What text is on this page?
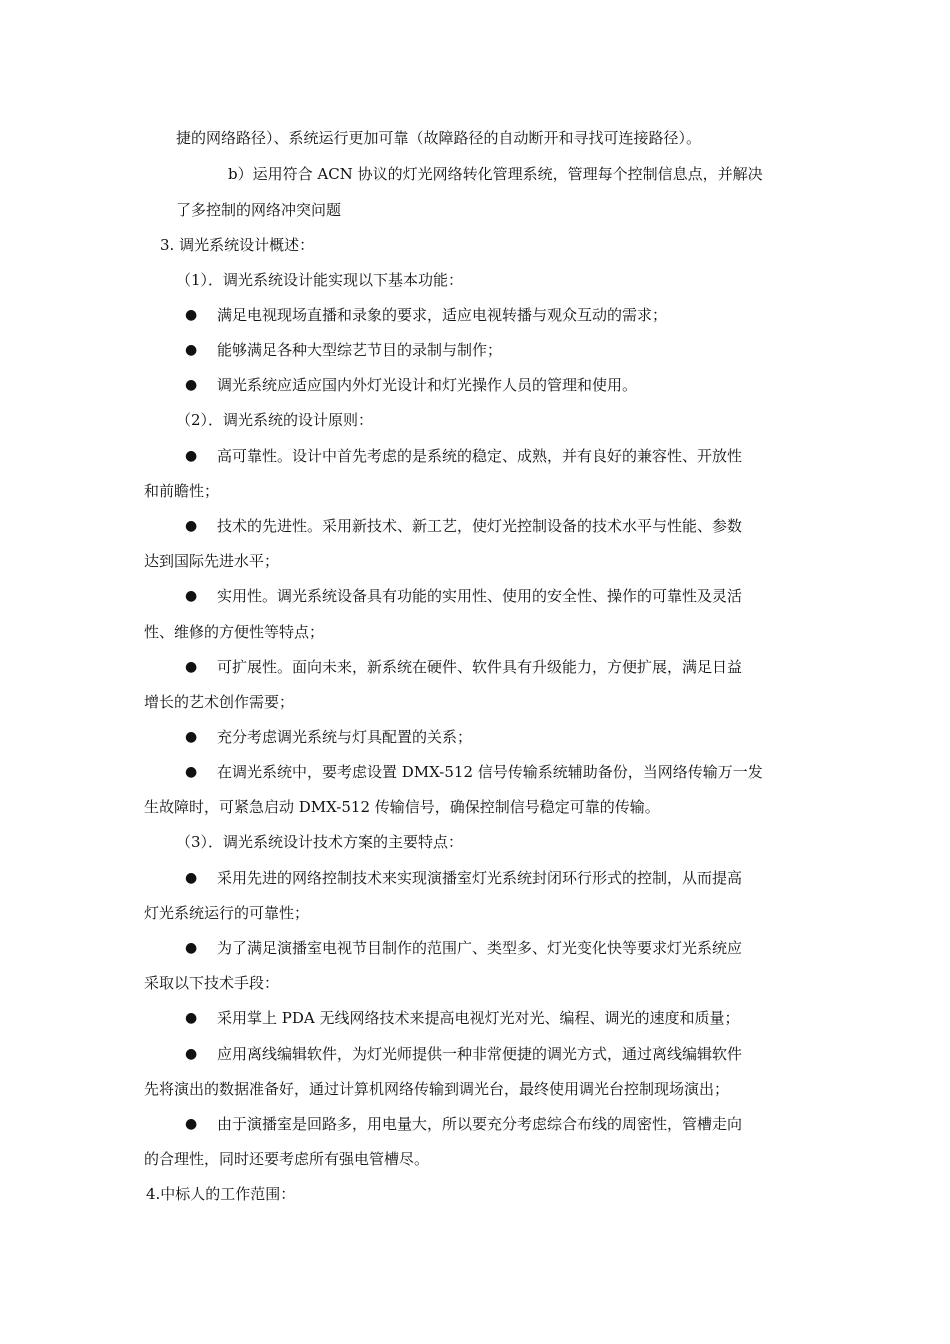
捷的网络路径）、系统运行更加可靠（故障路径的自动断开和寻找可连接路径）。
b）运用符合 ACN 协议的灯光网络转化管理系统，管理每个控制信息点，并解决
了多控制的网络冲突问题
3. 调光系统设计概述：
（1）．调光系统设计能实现以下基本功能：
● 满足电视现场直播和录象的要求，适应电视转播与观众互动的需求；
● 能够满足各种大型综艺节目的录制与制作；
● 调光系统应适应国内外灯光设计和灯光操作人员的管理和使用。
（2）．调光系统的设计原则：
● 高可靠性。设计中首先考虑的是系统的稳定、成熟，并有良好的兼容性、开放性
和前瞻性；
● 技术的先进性。采用新技术、新工艺，使灯光控制设备的技术水平与性能、参数
达到国际先进水平；
● 实用性。调光系统设备具有功能的实用性、使用的安全性、操作的可靠性及灵活
性、维修的方便性等特点；
● 可扩展性。面向未来，新系统在硬件、软件具有升级能力，方便扩展，满足日益
增长的艺术创作需要；
● 充分考虑调光系统与灯具配置的关系；
● 在调光系统中，要考虑设置 DMX-512 信号传输系统辅助备份，当网络传输万一发
生故障时，可紧急启动 DMX-512 传输信号，确保控制信号稳定可靠的传输。
（3）．调光系统设计技术方案的主要特点：
● 采用先进的网络控制技术来实现演播室灯光系统封闭环行形式的控制，从而提高
灯光系统运行的可靠性；
● 为了满足演播室电视节目制作的范围广、类型多、灯光变化快等要求灯光系统应
采取以下技术手段：
● 采用掌上 PDA 无线网络技术来提高电视灯光对光、编程、调光的速度和质量；
● 应用离线编辑软件，为灯光师提供一种非常便捷的调光方式，通过离线编辑软件
先将演出的数据准备好，通过计算机网络传输到调光台，最终使用调光台控制现场演出；
● 由于演播室是回路多，用电量大，所以要充分考虑综合布线的周密性，管槽走向
的合理性，同时还要考虑所有强电管槽尽。
4.中标人的工作范围：
